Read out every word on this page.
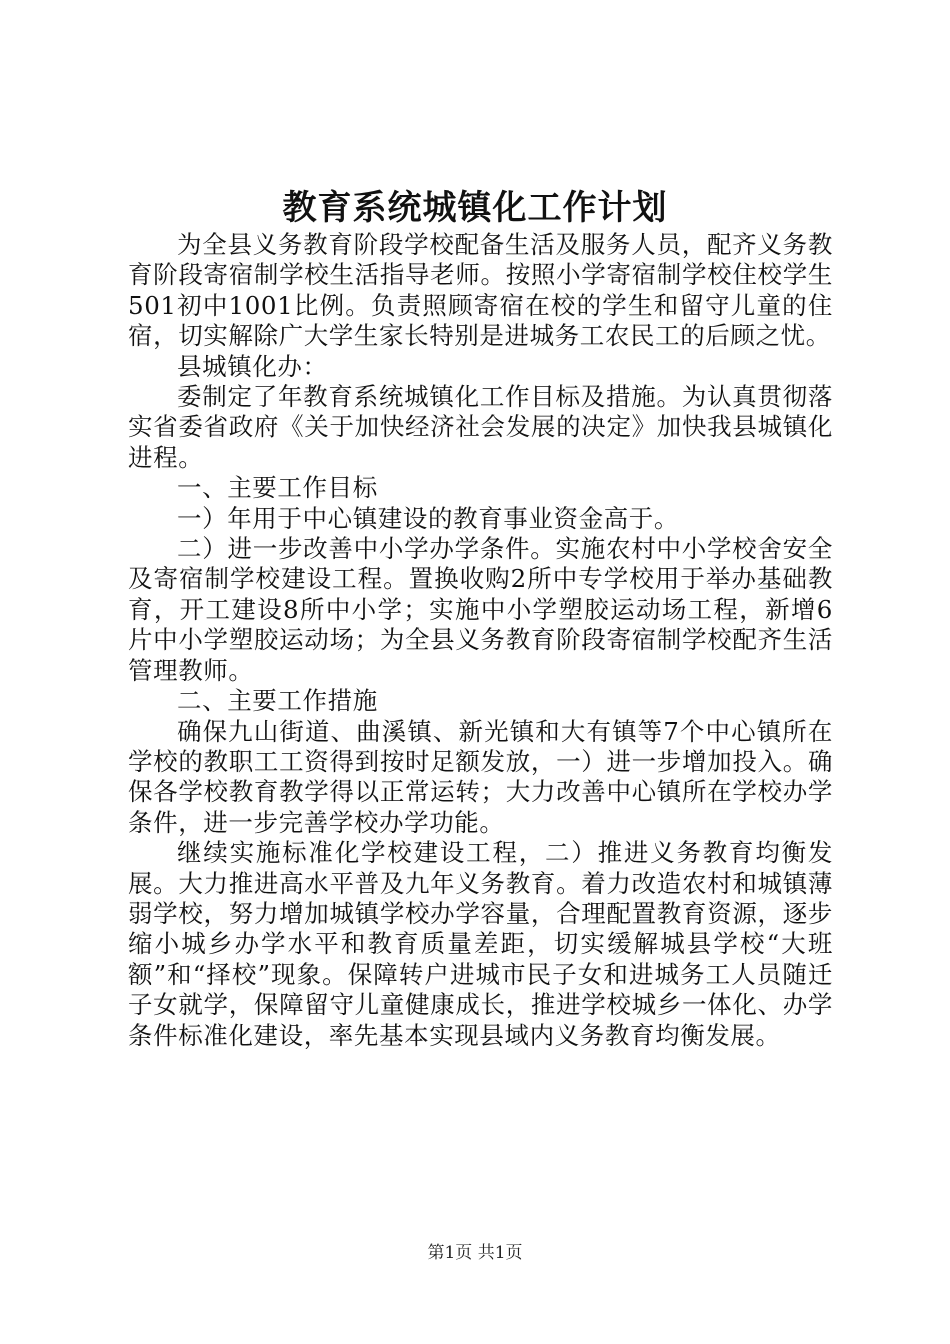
教育系统城镇化工作计划

为全县义务教育阶段学校配备生活及服务人员，配齐义务教育阶段寄宿制学校生活指导老师。按照小学寄宿制学校住校学生501初中1001比例。负责照顾寄宿在校的学生和留守儿童的住宿，切实解除广大学生家长特别是进城务工农民工的后顾之忧。

县城镇化办：

委制定了年教育系统城镇化工作目标及措施。为认真贯彻落实省委省政府《关于加快经济社会发展的决定》加快我县城镇化进程。

一、主要工作目标

一）年用于中心镇建设的教育事业资金高于。

二）进一步改善中小学办学条件。实施农村中小学校舍安全及寄宿制学校建设工程。置换收购2所中专学校用于举办基础教育，开工建设8所中小学；实施中小学塑胶运动场工程，新增6片中小学塑胶运动场；为全县义务教育阶段寄宿制学校配齐生活管理教师。

二、主要工作措施

确保九山街道、曲溪镇、新光镇和大有镇等7个中心镇所在学校的教职工工资得到按时足额发放，一）进一步增加投入。确保各学校教育教学得以正常运转；大力改善中心镇所在学校办学条件，进一步完善学校办学功能。

继续实施标准化学校建设工程，二）推进义务教育均衡发展。大力推进高水平普及九年义务教育。着力改造农村和城镇薄弱学校，努力增加城镇学校办学容量，合理配置教育资源，逐步缩小城乡办学水平和教育质量差距，切实缓解城县学校“大班额”和“择校”现象。保障转户进城市民子女和进城务工人员随迁子女就学，保障留守儿童健康成长，推进学校城乡一体化、办学条件标准化建设，率先基本实现县域内义务教育均衡发展。

第1页 共1页
